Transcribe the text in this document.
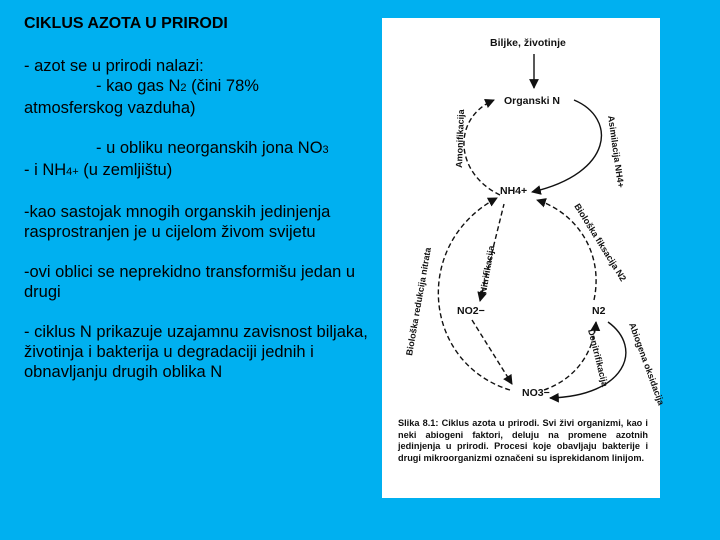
CIKLUS AZOTA U PRIRODI

- azot se u prirodi nalazi:

- kao gas N2 (čini 78%

atmosferskog vazduha)

- u obliku neorganskih jona NO3

- i NH4+ (u zemljištu)

-kao sastojak mnogih organskih jedinjenja rasprostranjen je u cijelom živom svijetu
-ovi oblici se neprekidno transformišu jedan u drugi
- ciklus N prikazuje uzajamnu zavisnost biljaka, životinja i bakterija u degradaciji jednih i obnavljanju drugih oblika N
Biljke, životinje
Organski N
NH4+
NO2−	N2
NO3−
Amonifikacija	Asimilacija NH4+
Biološka fiksacija N2
Biološka redukcija nitrata	Nitrifikacija
Denitrifikacija Abiogena oksidacija
Slika 8.1: Ciklus azota u prirodi. Svi živi organizmi, kao i neki abiogeni faktori, deluju na promene azotnih jedinjenja u prirodi. Procesi koje obavljaju bakterije i drugi mikroorganizmi označeni su isprekidanom linijom.
